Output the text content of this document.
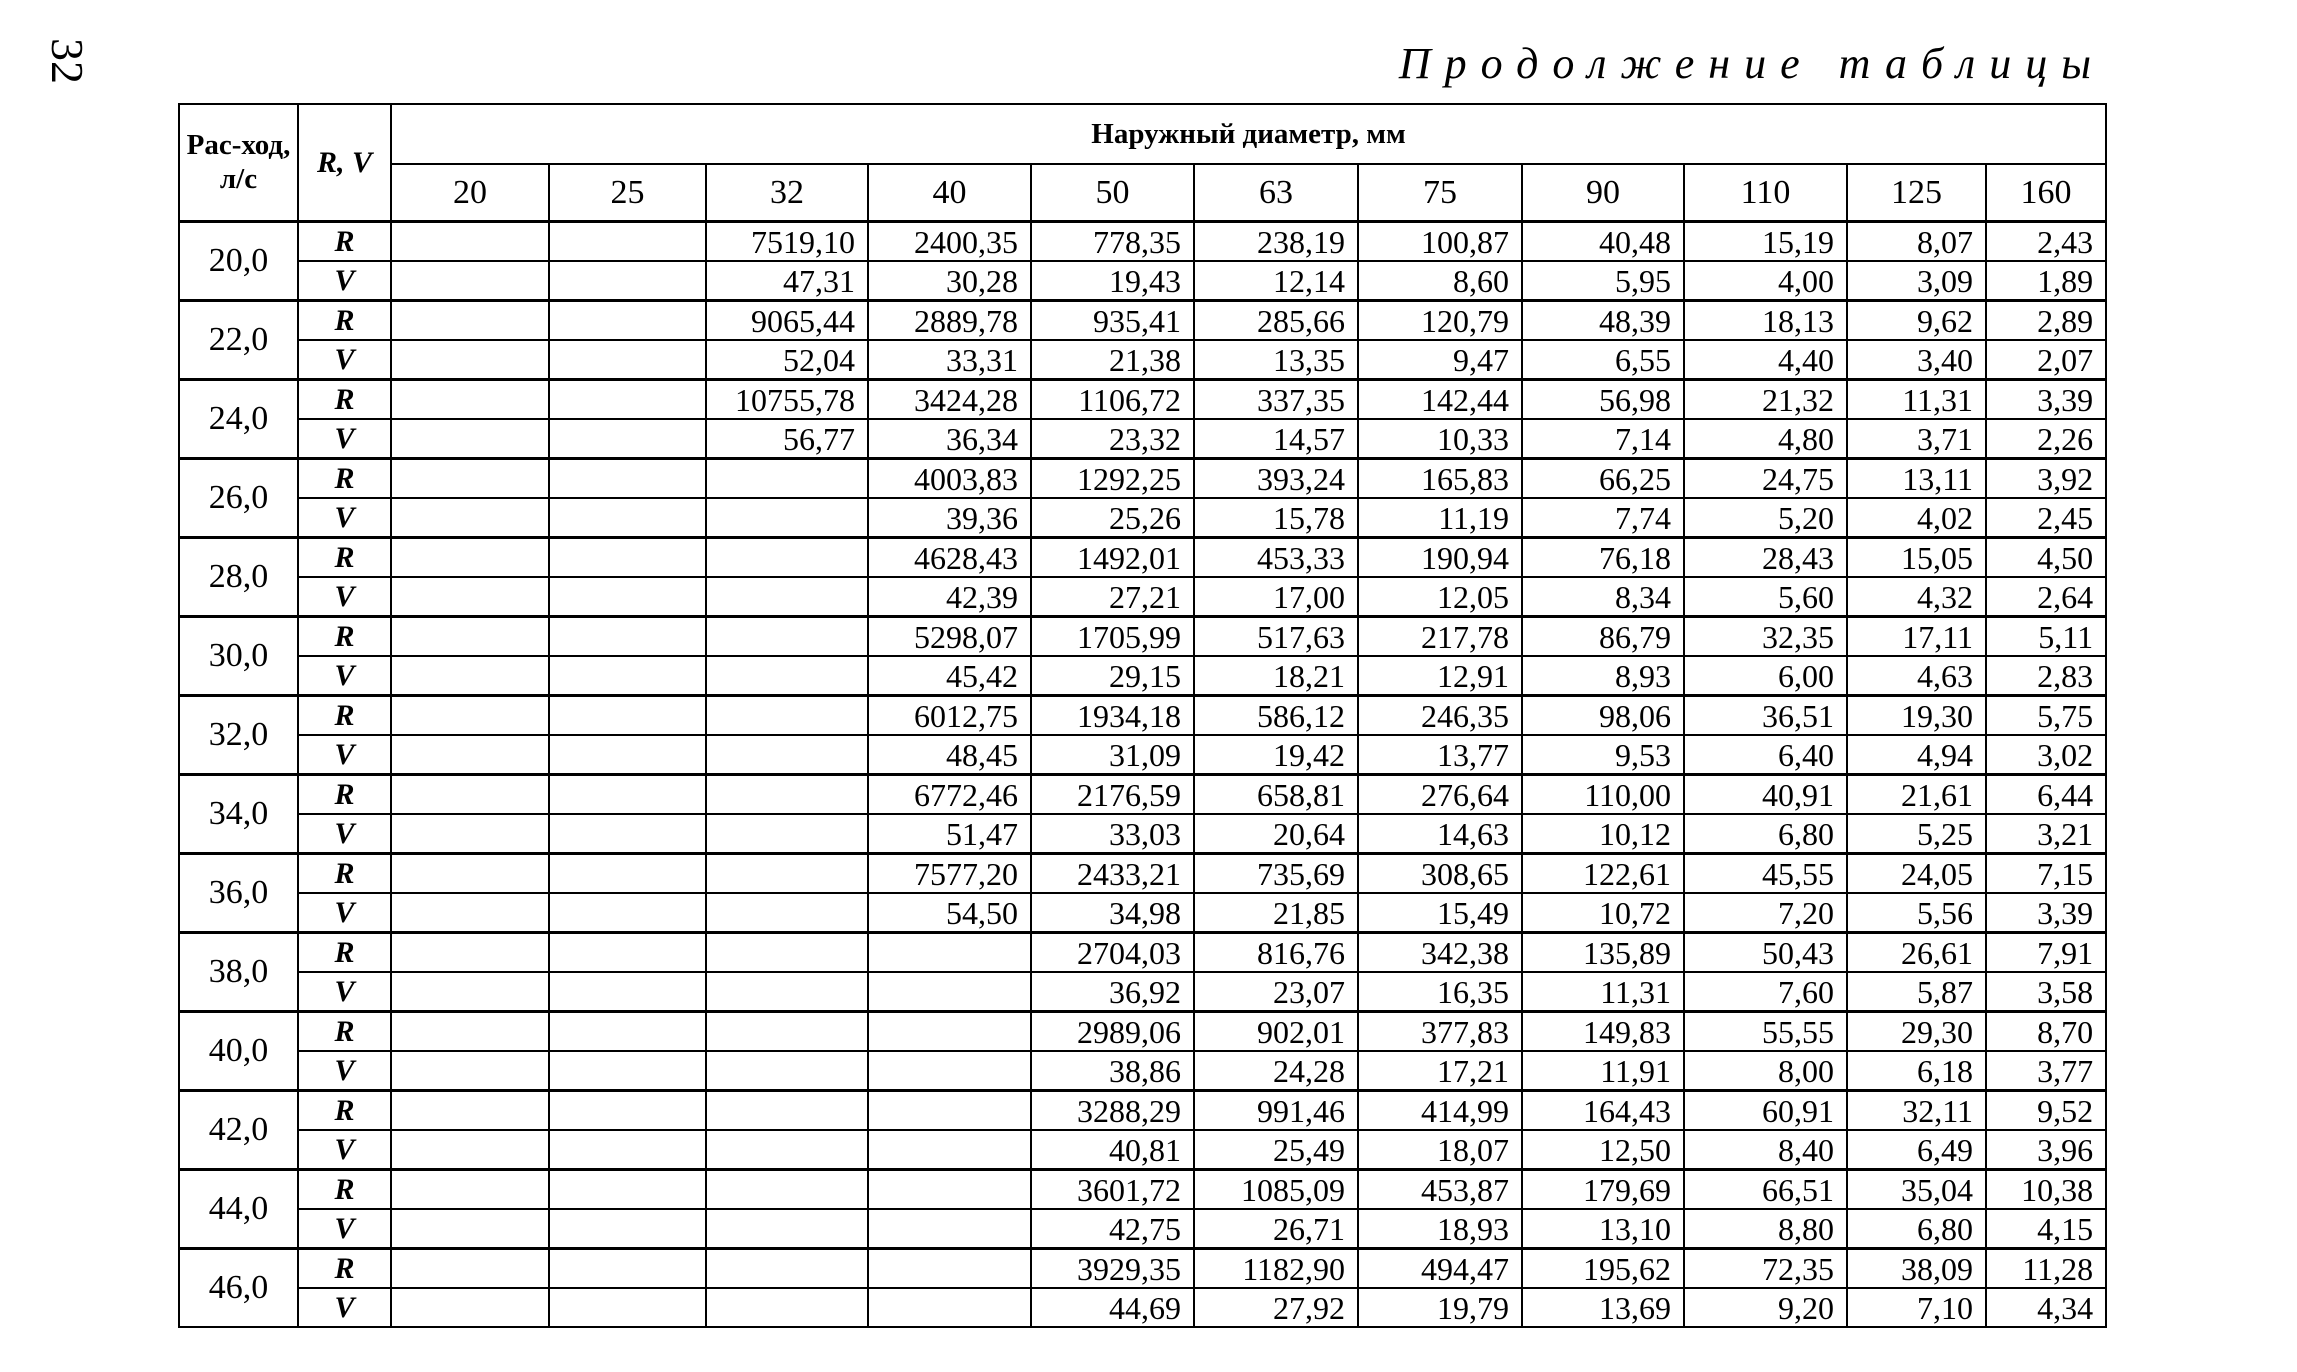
32	Продолжение таблицы
Рас-ход, л/с	R, V	Наружный диаметр, мм										
		20	25	32	40	50	63	75	90	110	125	160
20,0	R			7519,10	2400,35	778,35	238,19	100,87	40,48	15,19	8,07	2,43
	V			47,31	30,28	19,43	12,14	8,60	5,95	4,00	3,09	1,89
22,0	R			9065,44	2889,78	935,41	285,66	120,79	48,39	18,13	9,62	2,89
	V			52,04	33,31	21,38	13,35	9,47	6,55	4,40	3,40	2,07
24,0	R			10755,78	3424,28	1106,72	337,35	142,44	56,98	21,32	11,31	3,39
	V			56,77	36,34	23,32	14,57	10,33	7,14	4,80	3,71	2,26
26,0	R				4003,83	1292,25	393,24	165,83	66,25	24,75	13,11	3,92
	V				39,36	25,26	15,78	11,19	7,74	5,20	4,02	2,45
28,0	R				4628,43	1492,01	453,33	190,94	76,18	28,43	15,05	4,50
	V				42,39	27,21	17,00	12,05	8,34	5,60	4,32	2,64
30,0	R				5298,07	1705,99	517,63	217,78	86,79	32,35	17,11	5,11
	V				45,42	29,15	18,21	12,91	8,93	6,00	4,63	2,83
32,0	R				6012,75	1934,18	586,12	246,35	98,06	36,51	19,30	5,75
	V				48,45	31,09	19,42	13,77	9,53	6,40	4,94	3,02
34,0	R				6772,46	2176,59	658,81	276,64	110,00	40,91	21,61	6,44
	V				51,47	33,03	20,64	14,63	10,12	6,80	5,25	3,21
36,0	R				7577,20	2433,21	735,69	308,65	122,61	45,55	24,05	7,15
	V				54,50	34,98	21,85	15,49	10,72	7,20	5,56	3,39
38,0	R					2704,03	816,76	342,38	135,89	50,43	26,61	7,91
	V					36,92	23,07	16,35	11,31	7,60	5,87	3,58
40,0	R					2989,06	902,01	377,83	149,83	55,55	29,30	8,70
	V					38,86	24,28	17,21	11,91	8,00	6,18	3,77
42,0	R					3288,29	991,46	414,99	164,43	60,91	32,11	9,52
	V					40,81	25,49	18,07	12,50	8,40	6,49	3,96
44,0	R					3601,72	1085,09	453,87	179,69	66,51	35,04	10,38
	V					42,75	26,71	18,93	13,10	8,80	6,80	4,15
46,0	R					3929,35	1182,90	494,47	195,62	72,35	38,09	11,28
	V					44,69	27,92	19,79	13,69	9,20	7,10	4,34
